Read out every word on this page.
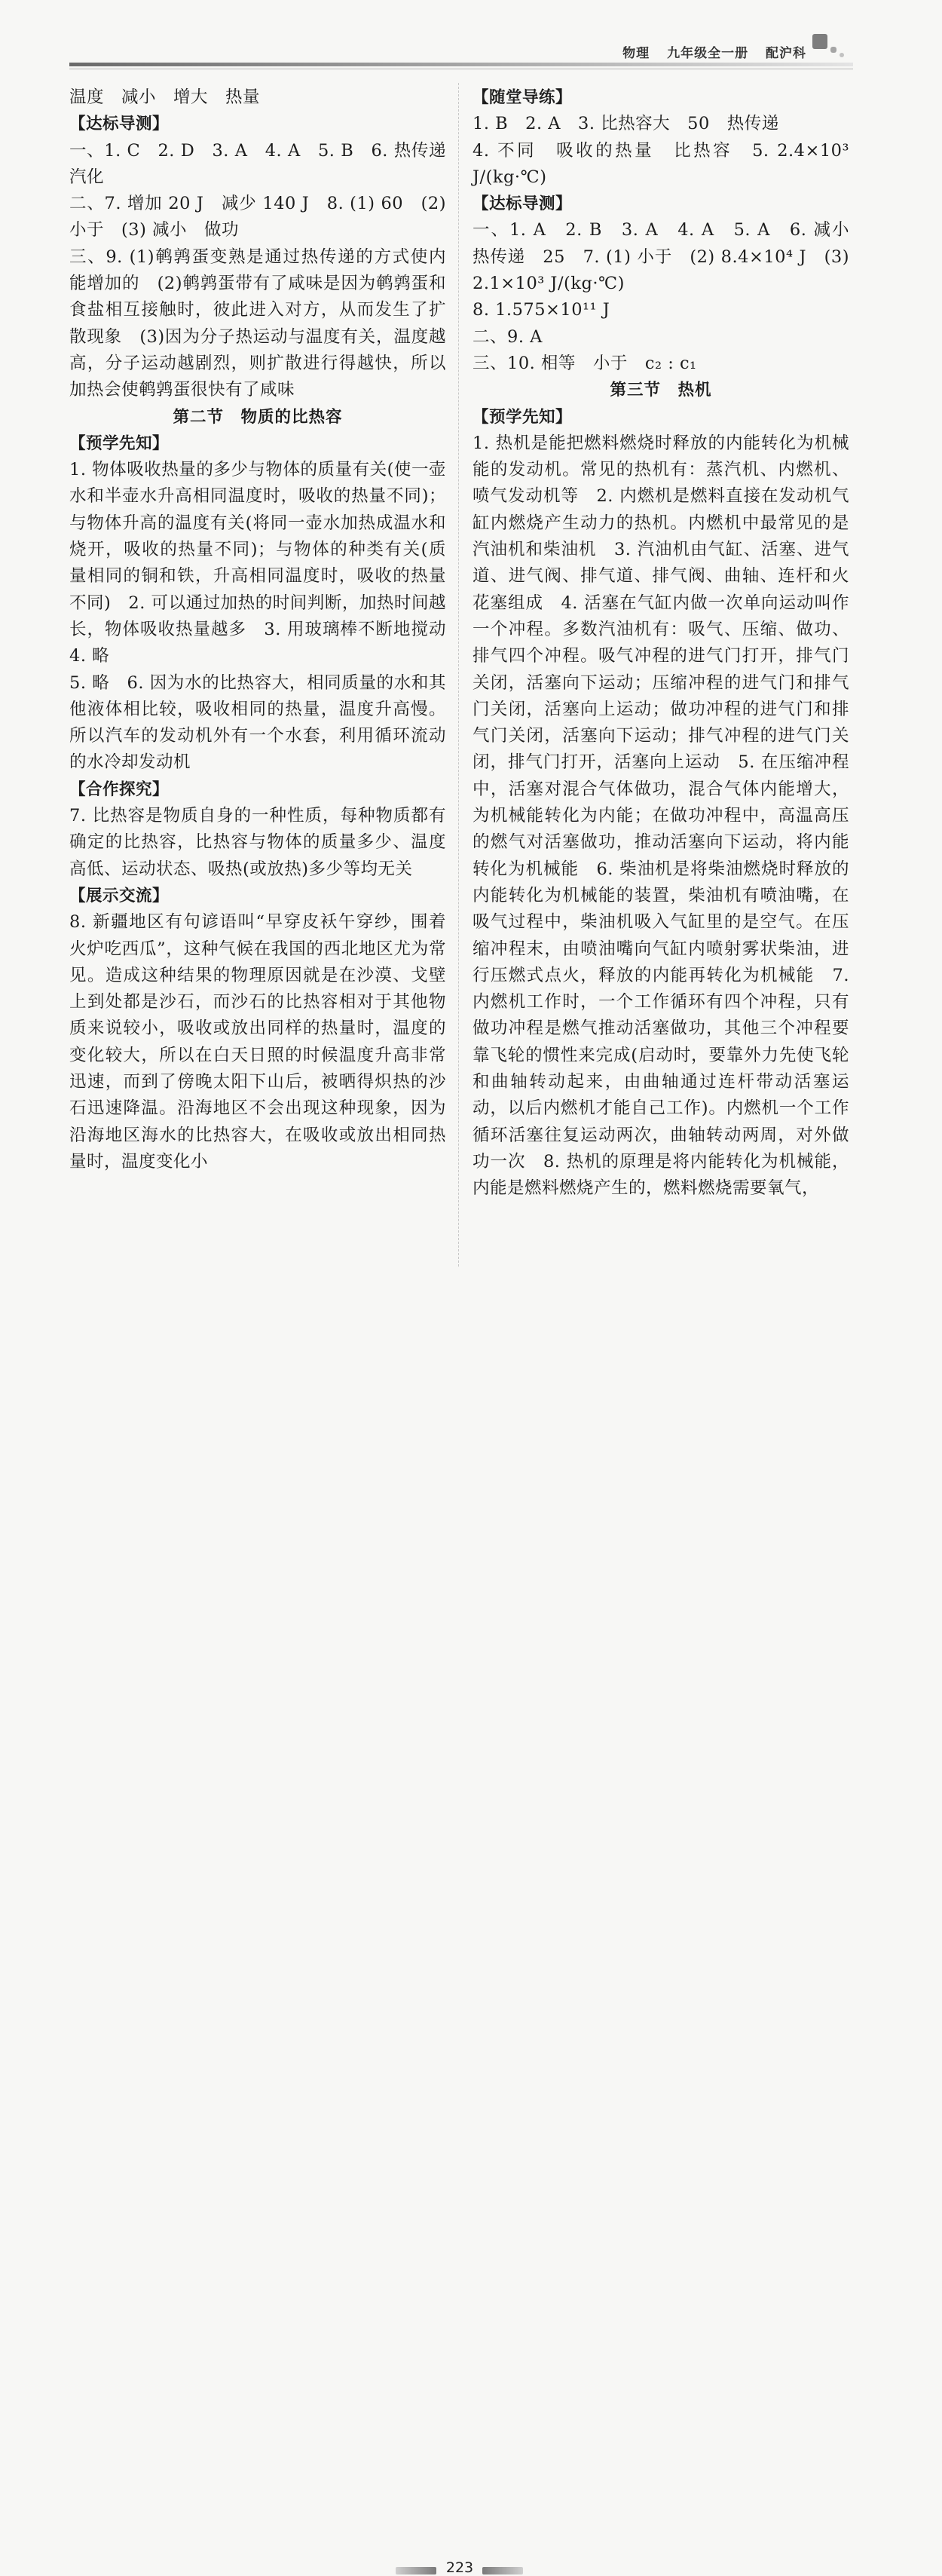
物理 九年级全一册 配沪科

温度　减小　增大　热量

【达标导测】

一、1. C　2. D　3. A　4. A　5. B　6. 热传递　汽化

二、7. 增加 20 J　减少 140 J　8. (1) 60　(2) 小于　(3) 减小　做功

三、9. (1)鹌鹑蛋变熟是通过热传递的方式使内能增加的　(2)鹌鹑蛋带有了咸味是因为鹌鹑蛋和食盐相互接触时，彼此进入对方，从而发生了扩散现象　(3)因为分子热运动与温度有关，温度越高，分子运动越剧烈，则扩散进行得越快，所以加热会使鹌鹑蛋很快有了咸味

第二节　物质的比热容

【预学先知】

1. 物体吸收热量的多少与物体的质量有关(使一壶水和半壶水升高相同温度时，吸收的热量不同)；与物体升高的温度有关(将同一壶水加热成温水和烧开，吸收的热量不同)；与物体的种类有关(质量相同的铜和铁，升高相同温度时，吸收的热量不同)　2. 可以通过加热的时间判断，加热时间越长，物体吸收热量越多　3. 用玻璃棒不断地搅动　4. 略

5. 略　6. 因为水的比热容大，相同质量的水和其他液体相比较，吸收相同的热量，温度升高慢。所以汽车的发动机外有一个水套，利用循环流动的水冷却发动机

【合作探究】

7. 比热容是物质自身的一种性质，每种物质都有确定的比热容，比热容与物体的质量多少、温度高低、运动状态、吸热(或放热)多少等均无关

【展示交流】

8. 新疆地区有句谚语叫“早穿皮袄午穿纱，围着火炉吃西瓜”，这种气候在我国的西北地区尤为常见。造成这种结果的物理原因就是在沙漠、戈壁上到处都是沙石，而沙石的比热容相对于其他物质来说较小，吸收或放出同样的热量时，温度的变化较大，所以在白天日照的时候温度升高非常迅速，而到了傍晚太阳下山后，被晒得炽热的沙石迅速降温。沿海地区不会出现这种现象，因为沿海地区海水的比热容大，在吸收或放出相同热量时，温度变化小

【随堂导练】

1. B　2. A　3. 比热容大　50　热传递

4. 不同　吸收的热量　比热容　5. 2.4×10³ J/(kg·℃)

【达标导测】

一、1. A　2. B　3. A　4. A　5. A　6. 减小　热传递　25　7. (1) 小于　(2) 8.4×10⁴ J　(3) 2.1×10³ J/(kg·℃)

8. 1.575×10¹¹ J

二、9. A

三、10. 相等　小于　c₂ : c₁

第三节　热机

【预学先知】

1. 热机是能把燃料燃烧时释放的内能转化为机械能的发动机。常见的热机有：蒸汽机、内燃机、喷气发动机等　2. 内燃机是燃料直接在发动机气缸内燃烧产生动力的热机。内燃机中最常见的是汽油机和柴油机　3. 汽油机由气缸、活塞、进气道、进气阀、排气道、排气阀、曲轴、连杆和火花塞组成　4. 活塞在气缸内做一次单向运动叫作一个冲程。多数汽油机有：吸气、压缩、做功、排气四个冲程。吸气冲程的进气门打开，排气门关闭，活塞向下运动；压缩冲程的进气门和排气门关闭，活塞向上运动；做功冲程的进气门和排气门关闭，活塞向下运动；排气冲程的进气门关闭，排气门打开，活塞向上运动　5. 在压缩冲程中，活塞对混合气体做功，混合气体内能增大，为机械能转化为内能；在做功冲程中，高温高压的燃气对活塞做功，推动活塞向下运动，将内能转化为机械能　6. 柴油机是将柴油燃烧时释放的内能转化为机械能的装置，柴油机有喷油嘴，在吸气过程中，柴油机吸入气缸里的是空气。在压缩冲程末，由喷油嘴向气缸内喷射雾状柴油，进行压燃式点火，释放的内能再转化为机械能　7. 内燃机工作时，一个工作循环有四个冲程，只有做功冲程是燃气推动活塞做功，其他三个冲程要靠飞轮的惯性来完成(启动时，要靠外力先使飞轮和曲轴转动起来，由曲轴通过连杆带动活塞运动，以后内燃机才能自己工作)。内燃机一个工作循环活塞往复运动两次，曲轴转动两周，对外做功一次　8. 热机的原理是将内能转化为机械能，内能是燃料燃烧产生的，燃料燃烧需要氧气，

223
